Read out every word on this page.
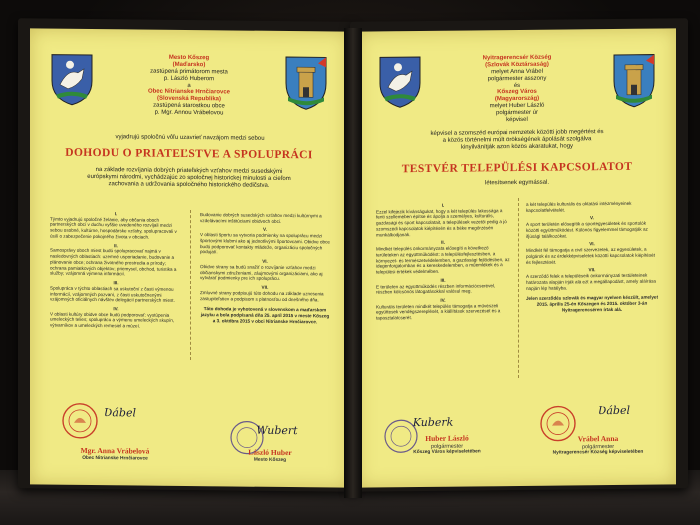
Mesto Kőszeg
(Maďarsko)
zastúpená primátorom mesta
p. László Huberom
a
Obec Nitrianske Hrnčiarovce
(Slovenská Republika)
zastúpená starostkou obce
p. Mgr. Annou Vrábelovou
vyjadrujú spoločnú vôľu uzavrieť navzájom medzi sebou
DOHODU O PRIATEĽSTVE A SPOLUPRÁCI
na základe rozvíjania dobrých priateľských vzťahov medzi susedskými
európskymi národmi, vychádzajúc zo spoločnej historickej minulosti a cieľom
zachovania a udržovania spoločného historického dedičstva.
I.
Týmto vyjadrujú spoločné želanie, aby občania oboch partnerských obcí v duchu vyššie uvedeného rozvíjali medzi sebou osobné, kultúrne, hospodárske vzťahy, spolupracovali v úsilí o zabezpečenie pokojného života v obciach.
II.
Samosprávy oboch miest budú spolupracovať najmä v nasledovných oblastiach: uzemné usporiadanie, budovanie a plánovanie obce; ochrana životného prostredia a prírody; ochrana pamiatkových objektov; priemysel, obchod, turistika a služby; vzájomná výmena informácií.
III.
Spolupráca v týchto oblastiach sa uskutoční z časti výmenou informácií, vzájomných pozvaní, z časti uskutočnenými vzájomných oficiálnych návštev delegácií partnerských miest.
IV.
V oblasti kultúry obidve obce budú podporovať: vystúpenia umeleckých telies; spoluprácu a výmenu umeleckých skupín, výtvarníkov a umeleckých remesiel a múzeí.
Budovanie dobrých susedských vzťahov medzi kultúrnymi a vzdelávacími inštitúciami obidvoch obcí.
V.
V oblasti športu sa vytvoria podmienky na spoluprácu medzi športovými klubmi ako aj jednotlivými športovcami. Obidve obce budú podporovať kontakty mládeže, organizáciu spoločných podujatí.
VI.
Obidve strany sa budú snažiť o rozvíjanie vzťahov medzi občianskymi združeniami, záujmovými organizáciami, ako aj vytvárať podmienky pre ich spoluprácu.
VII.
Zmluvné strany podpisujú túto dohodu na základe uznesenia zastupiteľstiev a podpisom s platnosťou od dnešného dňa.
Táto dohoda je vyhotovená v slovenskom a maďarskom jazyku a bola podpísaná dňa 25. apríl 2015 v meste Kőszeg a 3. októbra 2015 v obci Nitrianske Hrnčiarovce.
Ʋábel
Mgr. Anna Vrábelová
Obec Nitrianske Hrnčiarovce
Wubert
László Huber
Mesto Kőszeg
Nyitragerencsér Község
(Szlovák Köztársaság)
melyet Anna Vrábel
polgármester asszony
és
Kőszeg Város
(Magyarország)
melyet Huber László
polgármester úr
képvisel
képvisel a szomszéd európai nemzetek közötti jobb megértést és
a közös történelmi múlt örökségének ápolását szolgálva
kinyilvánítják azon közös akaratukat, hogy
TESTVÉR TELEPÜLÉSI KAPCSOLATOT
létesítsenek egymással.
I.
Ezzel kifejezik kívánságukat, hogy a két település lakossága a fenti szellemében építse és ápolja a személyes, kulturális, gazdasági és sport kapcsolatait, a települések vezetői pedig a jó szomszédi kapcsolatok kiépítésén és a béke megőrzésén munkálkodjanak.
II.
Mindkét település önkormányzata elősegíti a következő területeken az együttműködést: a településfejlesztésben, a környezet- és természetvédelemben, a gazdasági fejlődésben, az idegenforgalomban és a kereskedelemben, a műemlékek és a települési értékek védelmében.
III.
E területen az együttműködés részben információcserével, részben kölcsönös látogatásokkal valósul meg.
IV.
Kulturális területen mindkét település támogatja a művészeti együttesek vendégszereplését, a kiállítások szervezését és a tapasztalatcserét.
a két település kulturális és oktatási intézményeinek kapcsolatfelvételét.
V.
A sport területén elősegítik a sportegyesületek és sportolók közötti együttműködést. Különös figyelemmel támogatják az ifjúsági találkozókat.
VI.
Mindkét fél támogatja a civil szervezetek, az egyesületek, a polgárok és az érdekképviseletek közötti kapcsolatok kiépítését és fejlesztését.
VII.
A szerződő felek a településeik önkormányzati testületeinek határozata alapján írják alá ezt a megállapodást, amely aláírása napján lép hatályba.
Jelen szerződés szlovák és magyar nyelven készült, amelyet 2015. április 25-én Kőszegen és 2015. október 3-án Nyitragerencséren írtak alá.
Kuberk
Huber László
polgármester
Kőszeg Város képviseletében
Ʋábel
Vrábel Anna
polgármester
Nyitragerencsér Község képviseletében
